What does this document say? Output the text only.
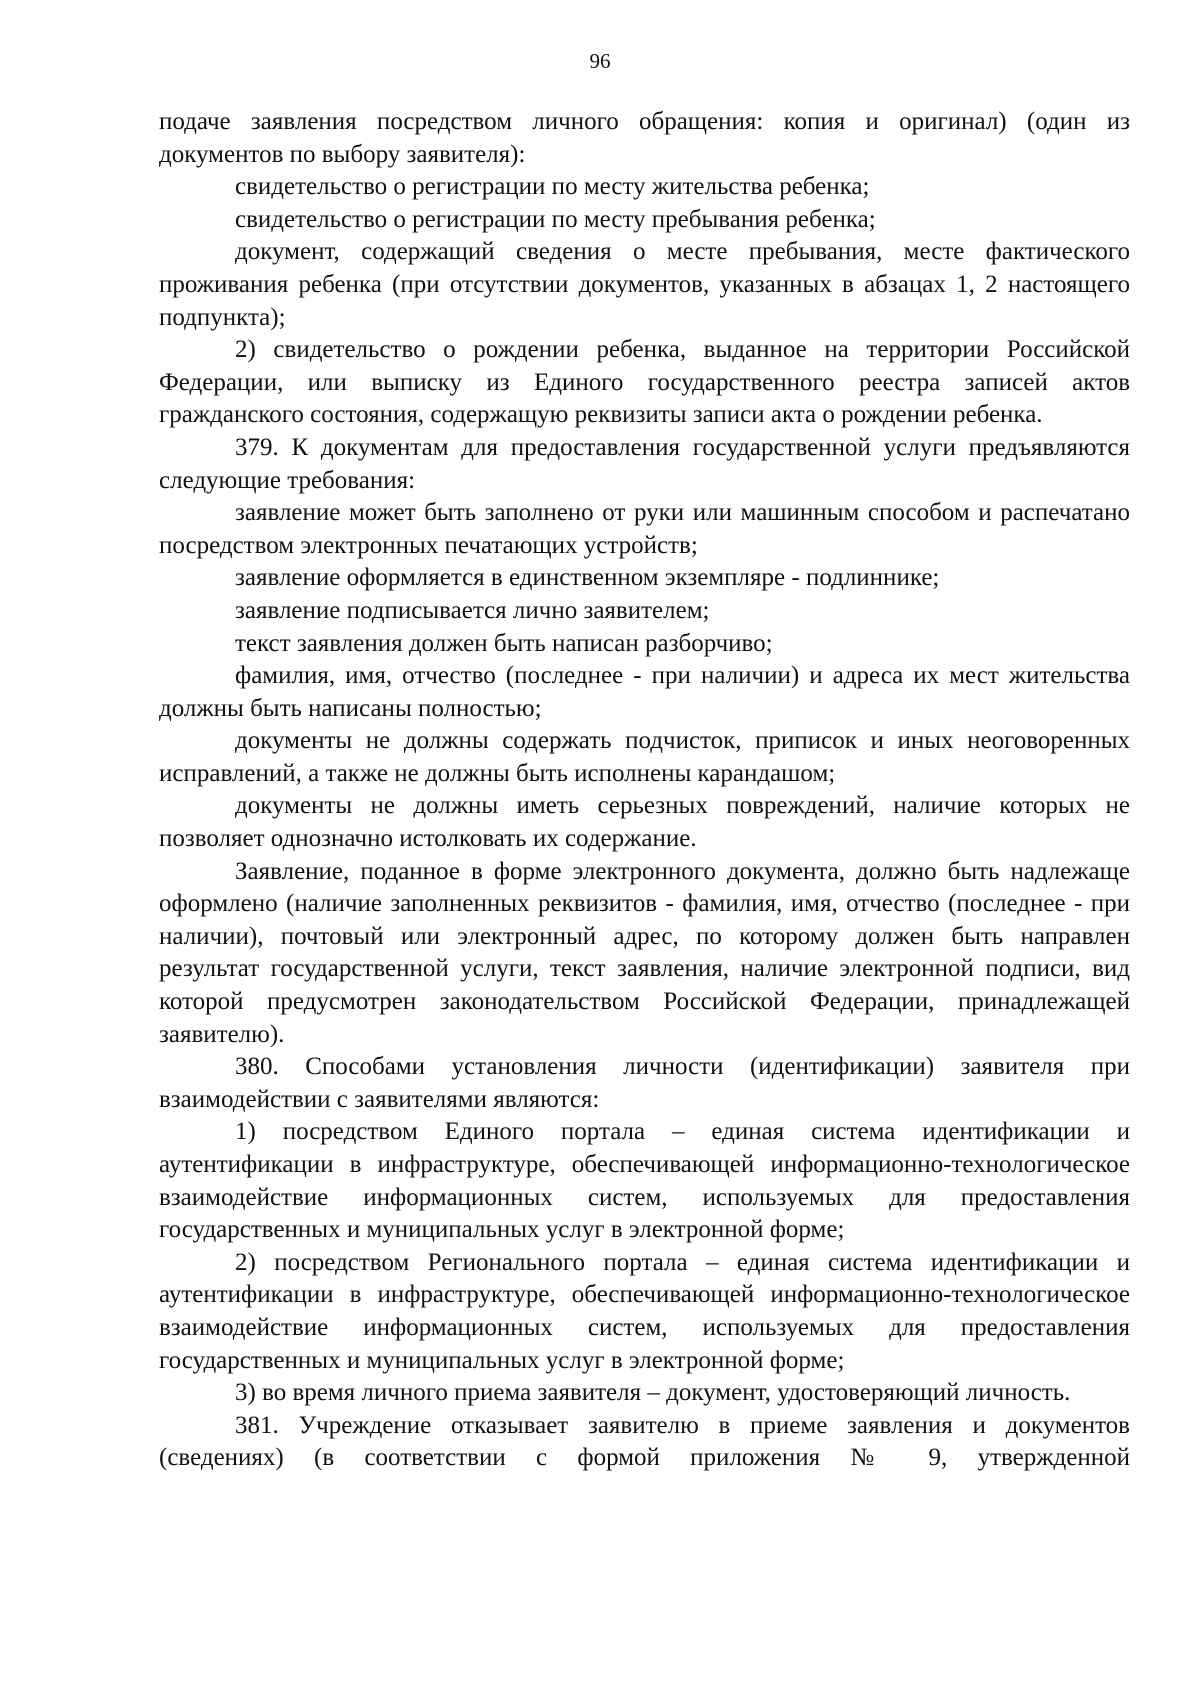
96

подаче заявления посредством личного обращения: копия и оригинал) (один из документов по выбору заявителя):

свидетельство о регистрации по месту жительства ребенка;

свидетельство о регистрации по месту пребывания ребенка;

документ, содержащий сведения о месте пребывания, месте фактического проживания ребенка (при отсутствии документов, указанных в абзацах 1, 2 настоящего подпункта);

2) свидетельство о рождении ребенка, выданное на территории Российской Федерации, или выписку из Единого государственного реестра записей актов гражданского состояния, содержащую реквизиты записи акта о рождении ребенка.

379. К документам для предоставления государственной услуги предъявляются следующие требования:

заявление может быть заполнено от руки или машинным способом и распечатано посредством электронных печатающих устройств;

заявление оформляется в единственном экземпляре - подлиннике;

заявление подписывается лично заявителем;

текст заявления должен быть написан разборчиво;

фамилия, имя, отчество (последнее - при наличии) и адреса их мест жительства должны быть написаны полностью;

документы не должны содержать подчисток, приписок и иных неоговоренных исправлений, а также не должны быть исполнены карандашом;

документы не должны иметь серьезных повреждений, наличие которых не позволяет однозначно истолковать их содержание.

Заявление, поданное в форме электронного документа, должно быть надлежаще оформлено (наличие заполненных реквизитов - фамилия, имя, отчество (последнее - при наличии), почтовый или электронный адрес, по которому должен быть направлен результат государственной услуги, текст заявления, наличие электронной подписи, вид которой предусмотрен законодательством Российской Федерации, принадлежащей заявителю).

380. Способами установления личности (идентификации) заявителя при взаимодействии с заявителями являются:

1) посредством Единого портала – единая система идентификации и аутентификации в инфраструктуре, обеспечивающей информационно-технологическое взаимодействие информационных систем, используемых для предоставления государственных и муниципальных услуг в электронной форме;

2) посредством Регионального портала – единая система идентификации и аутентификации в инфраструктуре, обеспечивающей информационно-технологическое взаимодействие информационных систем, используемых для предоставления государственных и муниципальных услуг в электронной форме;

3) во время личного приема заявителя – документ, удостоверяющий личность.

381. Учреждение отказывает заявителю в приеме заявления и документов (сведениях) (в соответствии с формой приложения № 9, утвержденной
